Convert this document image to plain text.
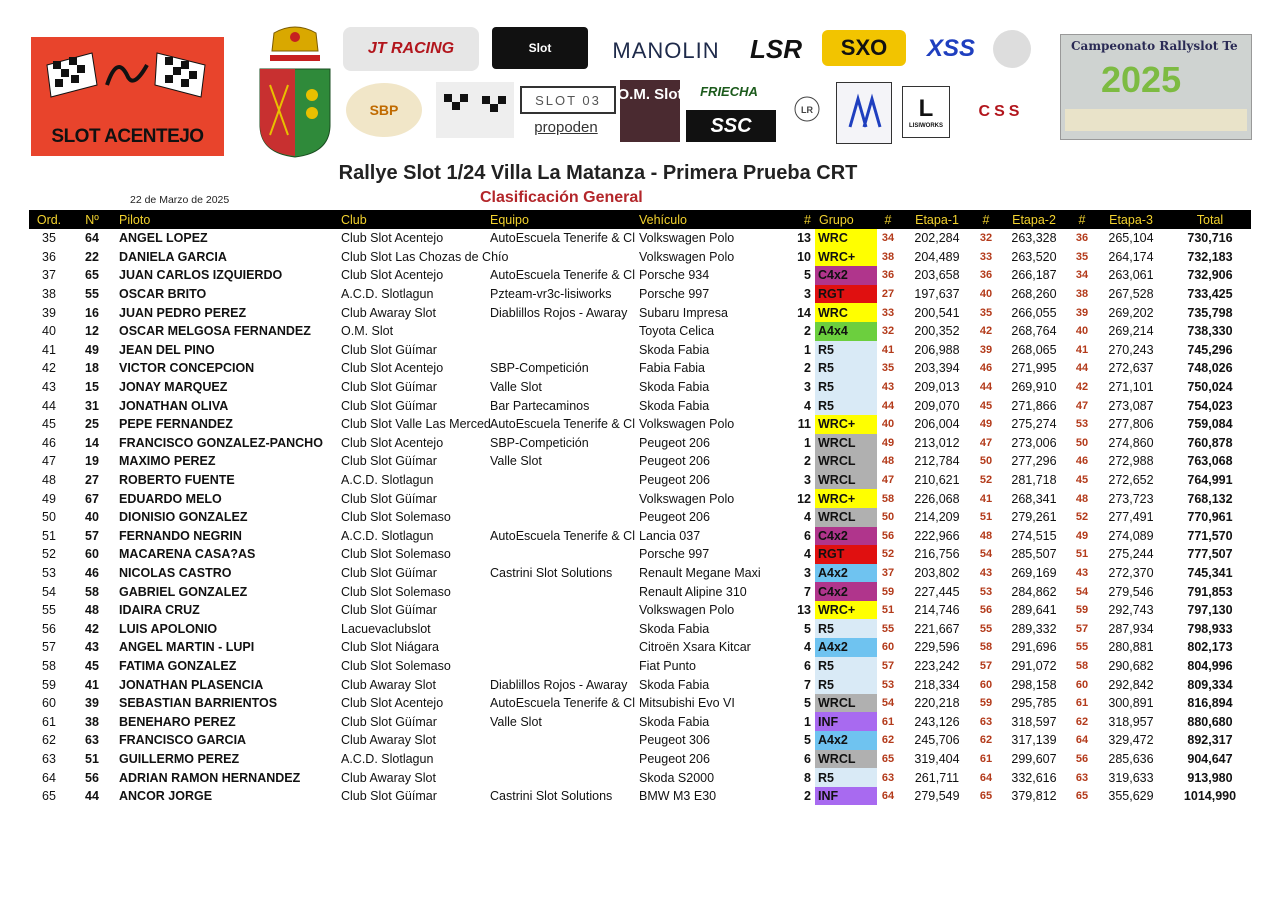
SLOT ACENTEJO
JT RACING	Slot	MANOLIN LSR SXO XSS
SBP
SLOT 03
propoden
O.M. Slot FRIECHA
SSC
LR	L
LISIWORKS
CSS
Campeonato Rallyslot Te
2025
Rallye Slot 1/24 Villa La Matanza - Primera Prueba CRT
22 de Marzo de 2025	Clasificación General
Ord.	Nº	Piloto	Club	Equipo	Vehículo	#	Grupo	#	Etapa-1	#	Etapa-2	#	Etapa-3	Total
35	64	ANGEL LOPEZ	Club Slot Acentejo	AutoEscuela Tenerife & Cl	Volkswagen Polo	13	WRC	34	202,284	32	263,328	36	265,104	730,716
36	22	DANIELA GARCIA	Club Slot Las Chozas de Chío		Volkswagen Polo	10	WRC+	38	204,489	33	263,520	35	264,174	732,183
37	65	JUAN CARLOS IZQUIERDO	Club Slot Acentejo	AutoEscuela Tenerife & Cl	Porsche 934	5	C4x2	36	203,658	36	266,187	34	263,061	732,906
38	55	OSCAR BRITO	A.C.D. Slotlagun	Pzteam-vr3c-lisiworks	Porsche 997	3	RGT	27	197,637	40	268,260	38	267,528	733,425
39	16	JUAN PEDRO PEREZ	Club Awaray Slot	Diablillos Rojos - Awaray	Subaru Impresa	14	WRC	33	200,541	35	266,055	39	269,202	735,798
40	12	OSCAR MELGOSA FERNANDEZ	O.M. Slot		Toyota Celica	2	A4x4	32	200,352	42	268,764	40	269,214	738,330
41	49	JEAN DEL PINO	Club Slot Güímar		Skoda Fabia	1	R5	41	206,988	39	268,065	41	270,243	745,296
42	18	VICTOR CONCEPCION	Club Slot Acentejo	SBP-Competición	Fabia Fabia	2	R5	35	203,394	46	271,995	44	272,637	748,026
43	15	JONAY MARQUEZ	Club Slot Güímar	Valle Slot	Skoda Fabia	3	R5	43	209,013	44	269,910	42	271,101	750,024
44	31	JONATHAN OLIVA	Club Slot Güímar	Bar Partecaminos	Skoda Fabia	4	R5	44	209,070	45	271,866	47	273,087	754,023
45	25	PEPE FERNANDEZ	Club Slot Valle Las Merced	AutoEscuela Tenerife & Cl	Volkswagen Polo	11	WRC+	40	206,004	49	275,274	53	277,806	759,084
46	14	FRANCISCO GONZALEZ-PANCHO	Club Slot Acentejo	SBP-Competición	Peugeot 206	1	WRCL	49	213,012	47	273,006	50	274,860	760,878
47	19	MAXIMO PEREZ	Club Slot Güímar	Valle Slot	Peugeot 206	2	WRCL	48	212,784	50	277,296	46	272,988	763,068
48	27	ROBERTO FUENTE	A.C.D. Slotlagun		Peugeot 206	3	WRCL	47	210,621	52	281,718	45	272,652	764,991
49	67	EDUARDO MELO	Club Slot Güímar		Volkswagen Polo	12	WRC+	58	226,068	41	268,341	48	273,723	768,132
50	40	DIONISIO GONZALEZ	Club Slot Solemaso		Peugeot 206	4	WRCL	50	214,209	51	279,261	52	277,491	770,961
51	57	FERNANDO NEGRIN	A.C.D. Slotlagun	AutoEscuela Tenerife & Cl	Lancia 037	6	C4x2	56	222,966	48	274,515	49	274,089	771,570
52	60	MACARENA CASA?AS	Club Slot Solemaso		Porsche 997	4	RGT	52	216,756	54	285,507	51	275,244	777,507
53	46	NICOLAS CASTRO	Club Slot Güímar	Castrini Slot Solutions	Renault Megane Maxi	3	A4x2	37	203,802	43	269,169	43	272,370	745,341
54	58	GABRIEL GONZALEZ	Club Slot Solemaso		Renault Alipine 310	7	C4x2	59	227,445	53	284,862	54	279,546	791,853
55	48	IDAIRA CRUZ	Club Slot Güímar		Volkswagen Polo	13	WRC+	51	214,746	56	289,641	59	292,743	797,130
56	42	LUIS APOLONIO	Lacuevaclubslot		Skoda Fabia	5	R5	55	221,667	55	289,332	57	287,934	798,933
57	43	ANGEL MARTIN - LUPI	Club Slot Niágara		Citroën Xsara Kitcar	4	A4x2	60	229,596	58	291,696	55	280,881	802,173
58	45	FATIMA GONZALEZ	Club Slot Solemaso		Fiat Punto	6	R5	57	223,242	57	291,072	58	290,682	804,996
59	41	JONATHAN PLASENCIA	Club Awaray Slot	Diablillos Rojos - Awaray	Skoda Fabia	7	R5	53	218,334	60	298,158	60	292,842	809,334
60	39	SEBASTIAN BARRIENTOS	Club Slot Acentejo	AutoEscuela Tenerife & Cl	Mitsubishi Evo VI	5	WRCL	54	220,218	59	295,785	61	300,891	816,894
61	38	BENEHARO PEREZ	Club Slot Güímar	Valle Slot	Skoda Fabia	1	INF	61	243,126	63	318,597	62	318,957	880,680
62	63	FRANCISCO GARCIA	Club Awaray Slot		Peugeot 306	5	A4x2	62	245,706	62	317,139	64	329,472	892,317
63	51	GUILLERMO PEREZ	A.C.D. Slotlagun		Peugeot 206	6	WRCL	65	319,404	61	299,607	56	285,636	904,647
64	56	ADRIAN RAMON HERNANDEZ	Club Awaray Slot		Skoda S2000	8	R5	63	261,711	64	332,616	63	319,633	913,980
65	44	ANCOR JORGE	Club Slot Güímar	Castrini Slot Solutions	BMW M3 E30	2	INF	64	279,549	65	379,812	65	355,629	1014,990
